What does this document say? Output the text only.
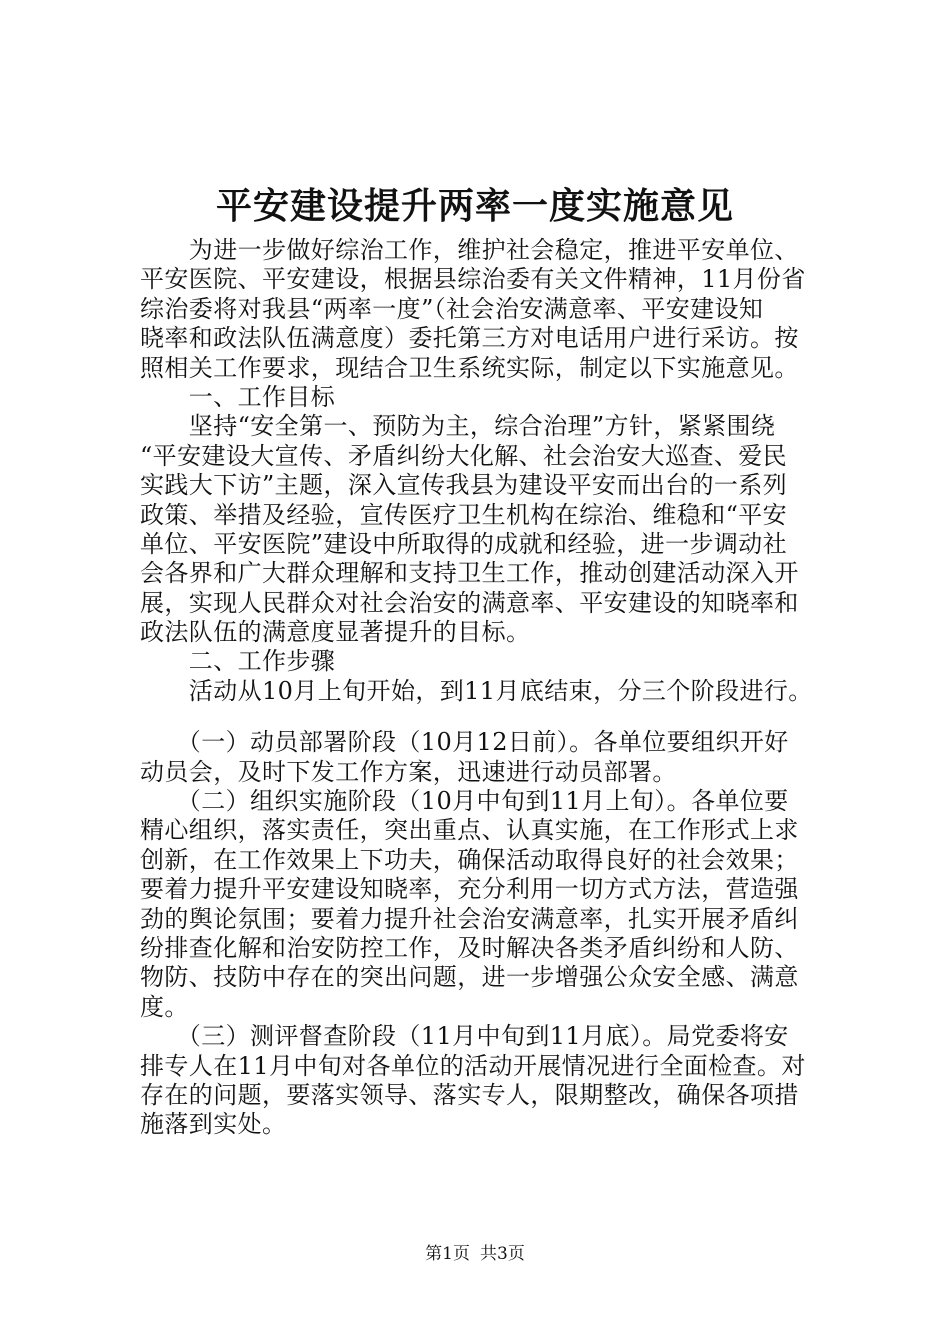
平安建设提升两率一度实施意见
　　为进一步做好综治工作，维护社会稳定，推进平安单位、
平安医院、平安建设，根据县综治委有关文件精神，11月份省
综治委将对我县“两率一度”（社会治安满意率、平安建设知
晓率和政法队伍满意度）委托第三方对电话用户进行采访。按
照相关工作要求，现结合卫生系统实际，制定以下实施意见。
　　一、工作目标
　　坚持“安全第一、预防为主，综合治理”方针，紧紧围绕
“平安建设大宣传、矛盾纠纷大化解、社会治安大巡查、爱民
实践大下访”主题，深入宣传我县为建设平安而出台的一系列
政策、举措及经验，宣传医疗卫生机构在综治、维稳和“平安
单位、平安医院”建设中所取得的成就和经验，进一步调动社
会各界和广大群众理解和支持卫生工作，推动创建活动深入开
展，实现人民群众对社会治安的满意率、平安建设的知晓率和
政法队伍的满意度显著提升的目标。
　　二、工作步骤
　　活动从10月上旬开始，到11月底结束，分三个阶段进行。
　　（一）动员部署阶段（10月12日前）。各单位要组织开好
动员会，及时下发工作方案，迅速进行动员部署。
　　（二）组织实施阶段（10月中旬到11月上旬）。各单位要
精心组织，落实责任，突出重点、认真实施，在工作形式上求
创新，在工作效果上下功夫，确保活动取得良好的社会效果；
要着力提升平安建设知晓率，充分利用一切方式方法，营造强
劲的舆论氛围；要着力提升社会治安满意率，扎实开展矛盾纠
纷排查化解和治安防控工作，及时解决各类矛盾纠纷和人防、
物防、技防中存在的突出问题，进一步增强公众安全感、满意
度。
　　（三）测评督查阶段（11月中旬到11月底）。局党委将安
排专人在11月中旬对各单位的活动开展情况进行全面检查。对
存在的问题，要落实领导、落实专人，限期整改，确保各项措
施落到实处。
第1页 共3页
